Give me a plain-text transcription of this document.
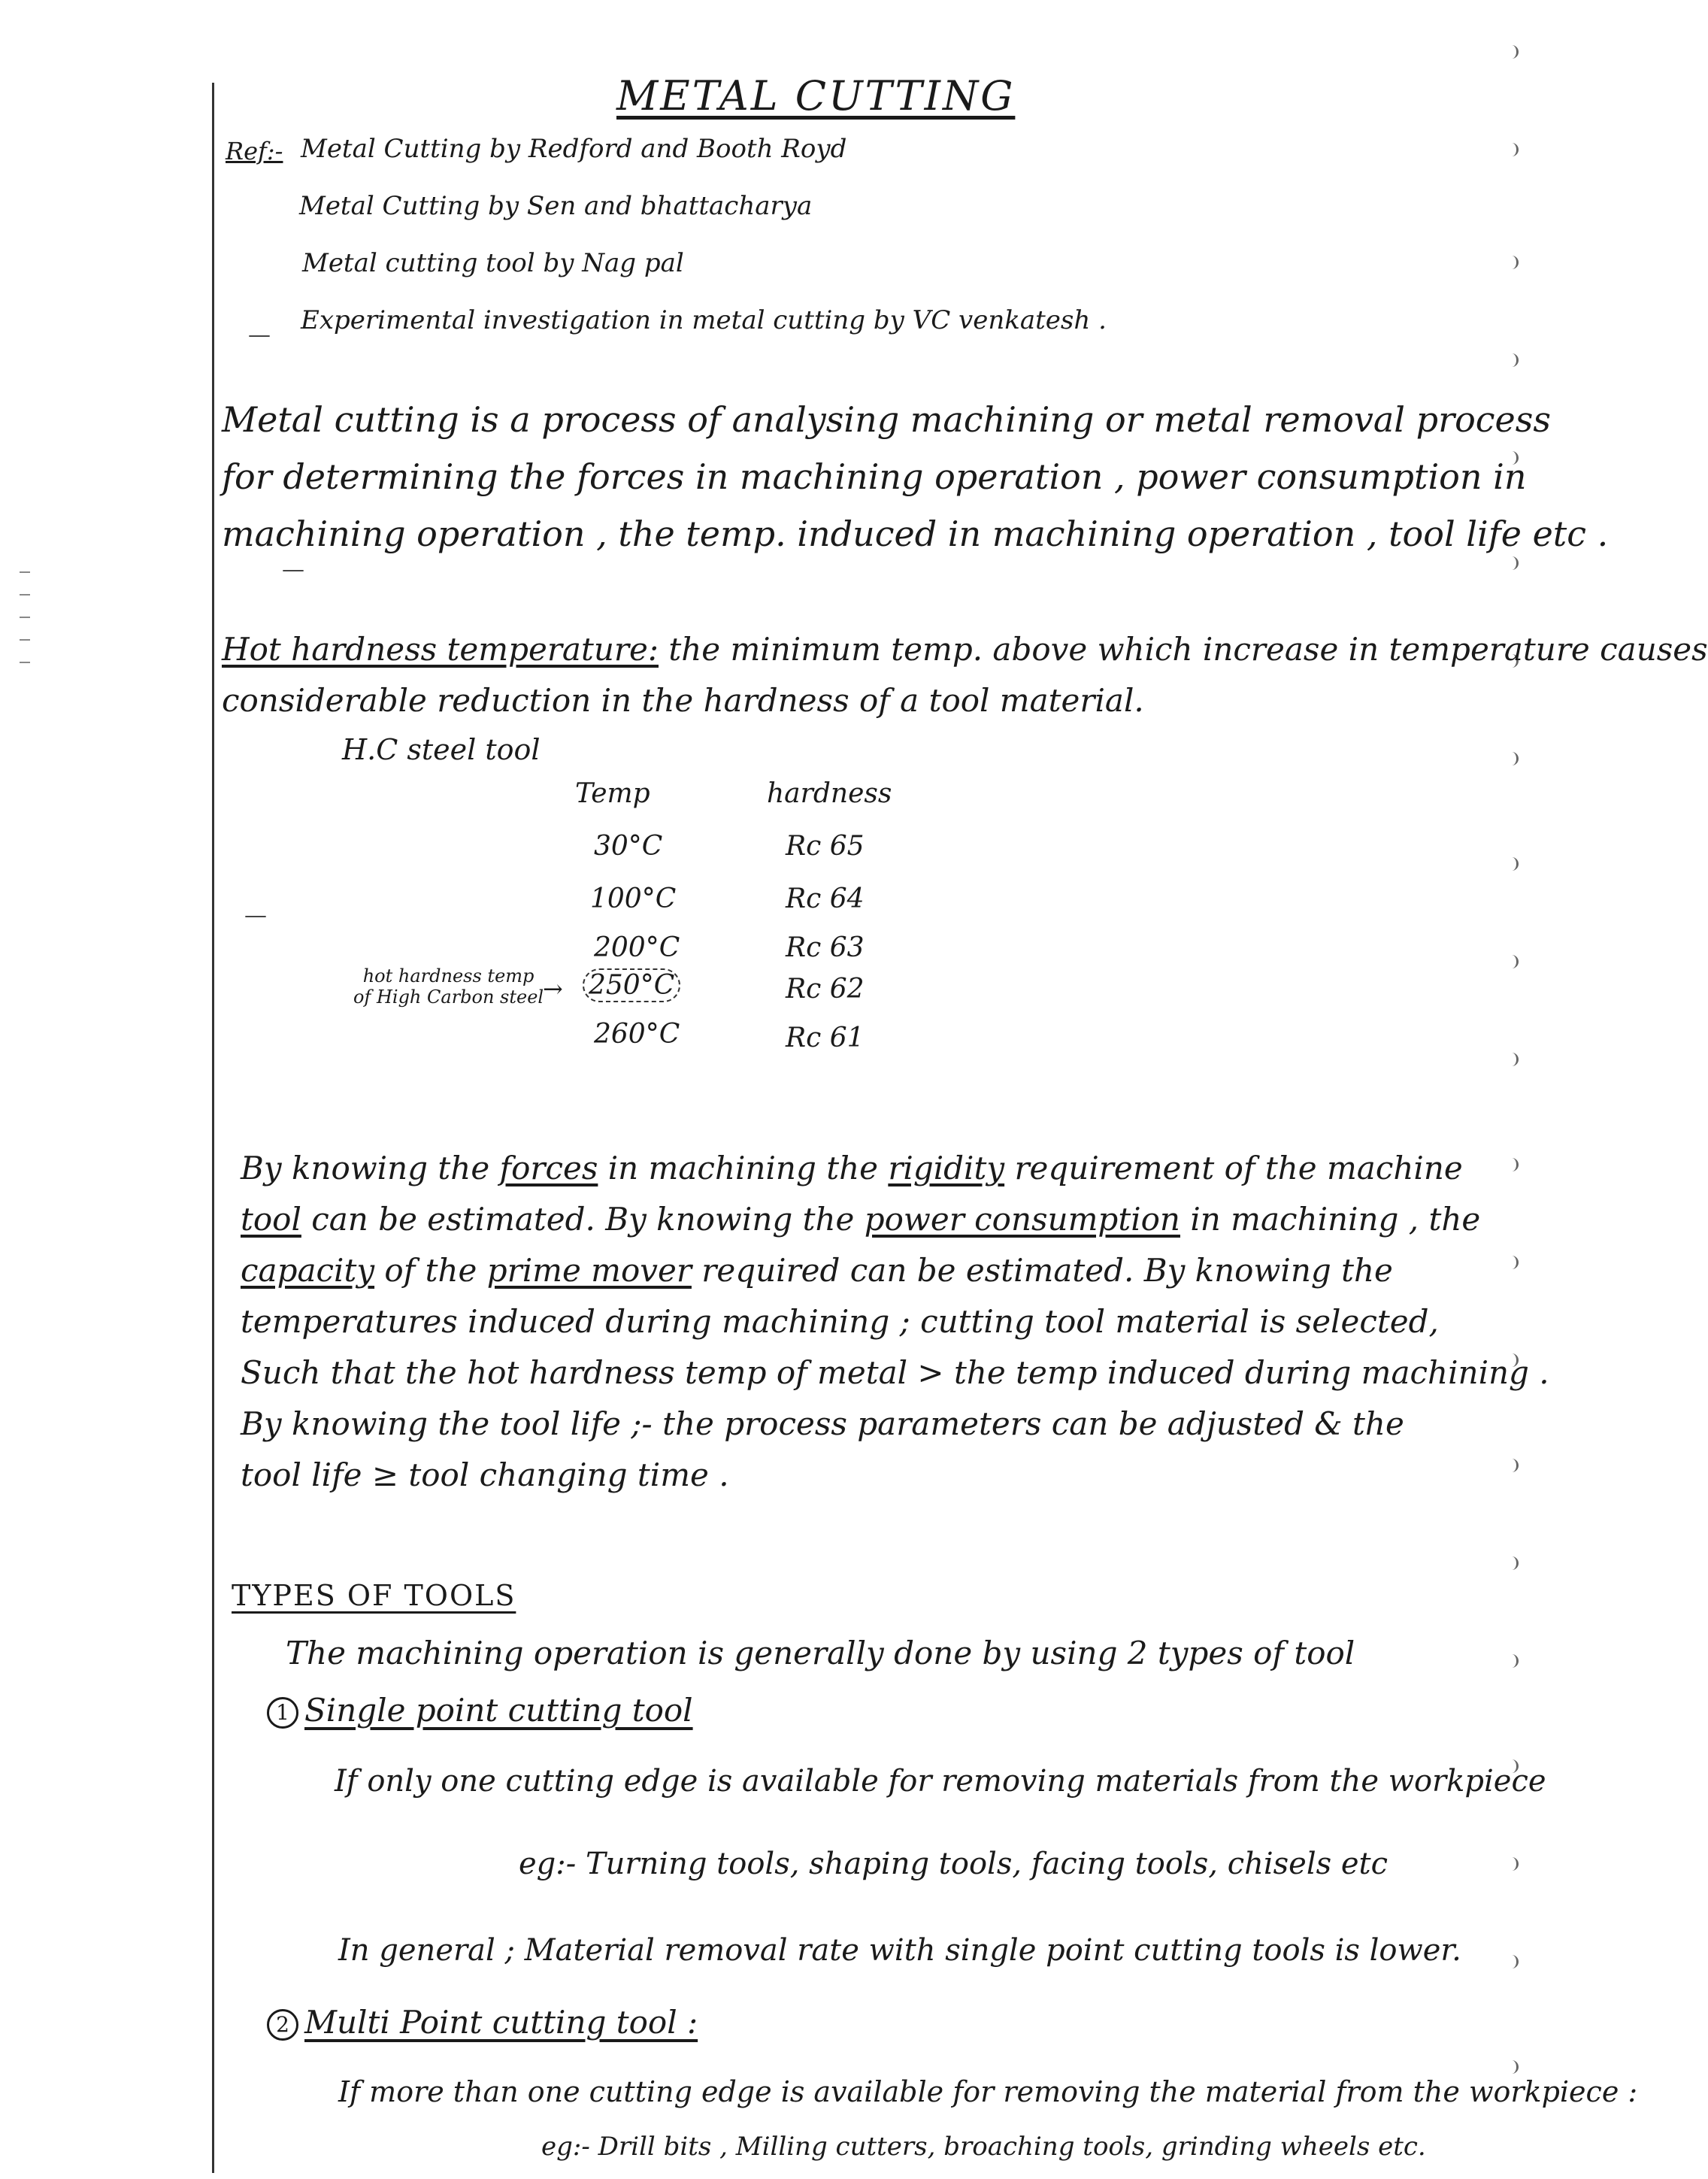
METAL CUTTING
Ref:- Metal Cutting by Redford and Booth Royd
Metal Cutting by Sen and bhattacharya
Metal cutting tool by Nag pal
Experimental investigation in metal cutting by VC venkatesh .
—
Metal cutting is a process of analysing machining or metal removal process
for determining the forces in machining operation , power consumption in
machining operation , the temp. induced in machining operation , tool life etc .
—
Hot hardness temperature: the minimum temp. above which increase in temperature causes
considerable reduction in the hardness of a tool material.
H.C steel tool
Temp	hardness
30°C	Rc 65
100°C	Rc 64
200°C	Rc 63
250°C	Rc 62
260°C	Rc 61
hot hardness temp
of High Carbon steel
→
—
By knowing the forces in machining the rigidity requirement of the machine
tool can be estimated. By knowing the power consumption in machining , the
capacity of the prime mover required can be estimated. By knowing the
temperatures induced during machining ; cutting tool material is selected,
Such that the hot hardness temp of metal > the temp induced during machining .
By knowing the tool life ;- the process parameters can be adjusted & the
tool life ≥ tool changing time .
TYPES OF TOOLS
The machining operation is generally done by using 2 types of tool
1 Single point cutting tool
If only one cutting edge is available for removing materials from the workpiece
eg:- Turning tools, shaping tools, facing tools, chisels etc
In general ; Material removal rate with single point cutting tools is lower.
2 Multi Point cutting tool :
If more than one cutting edge is available for removing the material from the workpiece :
eg:- Drill bits , Milling cutters, broaching tools, grinding wheels etc.
